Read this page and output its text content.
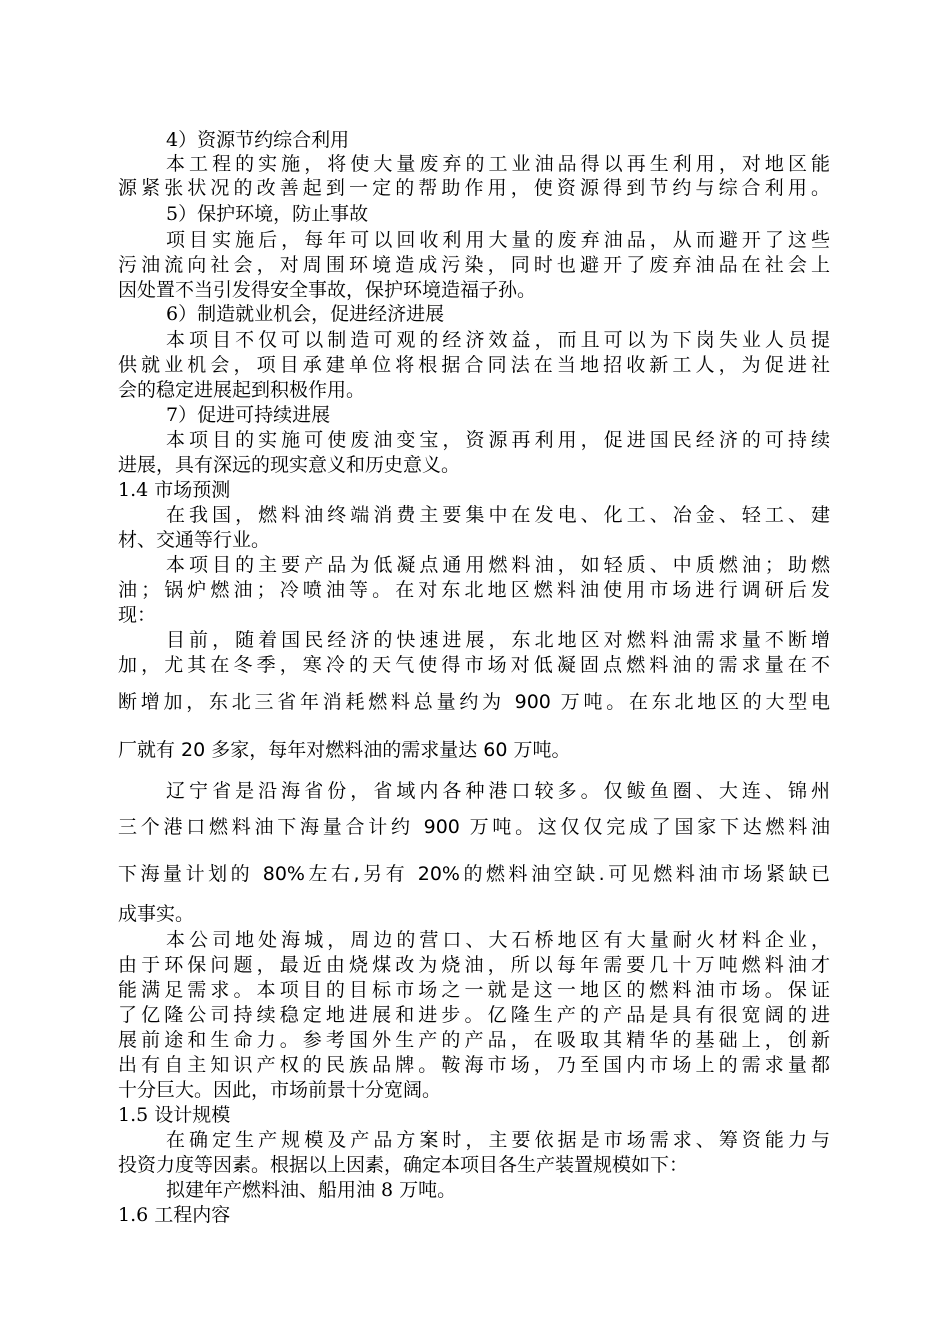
4）资源节约综合利用
本工程的实施，将使大量废弃的工业油品得以再生利用，对地区能
源紧张状况的改善起到一定的帮助作用，使资源得到节约与综合利用。
5）保护环境，防止事故
项目实施后，每年可以回收利用大量的废弃油品，从而避开了这些
污油流向社会，对周围环境造成污染，同时也避开了废弃油品在社会上
因处置不当引发得安全事故，保护环境造福子孙。
6）制造就业机会，促进经济进展
本项目不仅可以制造可观的经济效益，而且可以为下岗失业人员提
供就业机会，项目承建单位将根据合同法在当地招收新工人，为促进社
会的稳定进展起到积极作用。
7）促进可持续进展
本项目的实施可使废油变宝，资源再利用，促进国民经济的可持续
进展，具有深远的现实意义和历史意义。
1.4 市场预测
在我国，燃料油终端消费主要集中在发电、化工、冶金、轻工、建
材、交通等行业。
本项目的主要产品为低凝点通用燃料油，如轻质、中质燃油；助燃
油；锅炉燃油；冷喷油等。在对东北地区燃料油使用市场进行调研后发
现：
目前，随着国民经济的快速进展，东北地区对燃料油需求量不断增
加，尤其在冬季，寒冷的天气使得市场对低凝固点燃料油的需求量在不
断增加，东北三省年消耗燃料总量约为 900 万吨。在东北地区的大型电
厂就有 20 多家，每年对燃料油的需求量达 60 万吨。
辽宁省是沿海省份，省域内各种港口较多。仅鲅鱼圈、大连、锦州
三个港口燃料油下海量合计约 900 万吨。这仅仅完成了国家下达燃料油
下海量计划的 80%左右,另有 20%的燃料油空缺.可见燃料油市场紧缺已
成事实。
本公司地处海城，周边的营口、大石桥地区有大量耐火材料企业，
由于环保问题，最近由烧煤改为烧油，所以每年需要几十万吨燃料油才
能满足需求。本项目的目标市场之一就是这一地区的燃料油市场。保证
了亿隆公司持续稳定地进展和进步。亿隆生产的产品是具有很宽阔的进
展前途和生命力。参考国外生产的产品，在吸取其精华的基础上，创新
出有自主知识产权的民族品牌。鞍海市场，乃至国内市场上的需求量都
十分巨大。因此，市场前景十分宽阔。
1.5 设计规模
在确定生产规模及产品方案时，主要依据是市场需求、筹资能力与
投资力度等因素。根据以上因素，确定本项目各生产装置规模如下：
拟建年产燃料油、船用油 8 万吨。
1.6 工程内容
